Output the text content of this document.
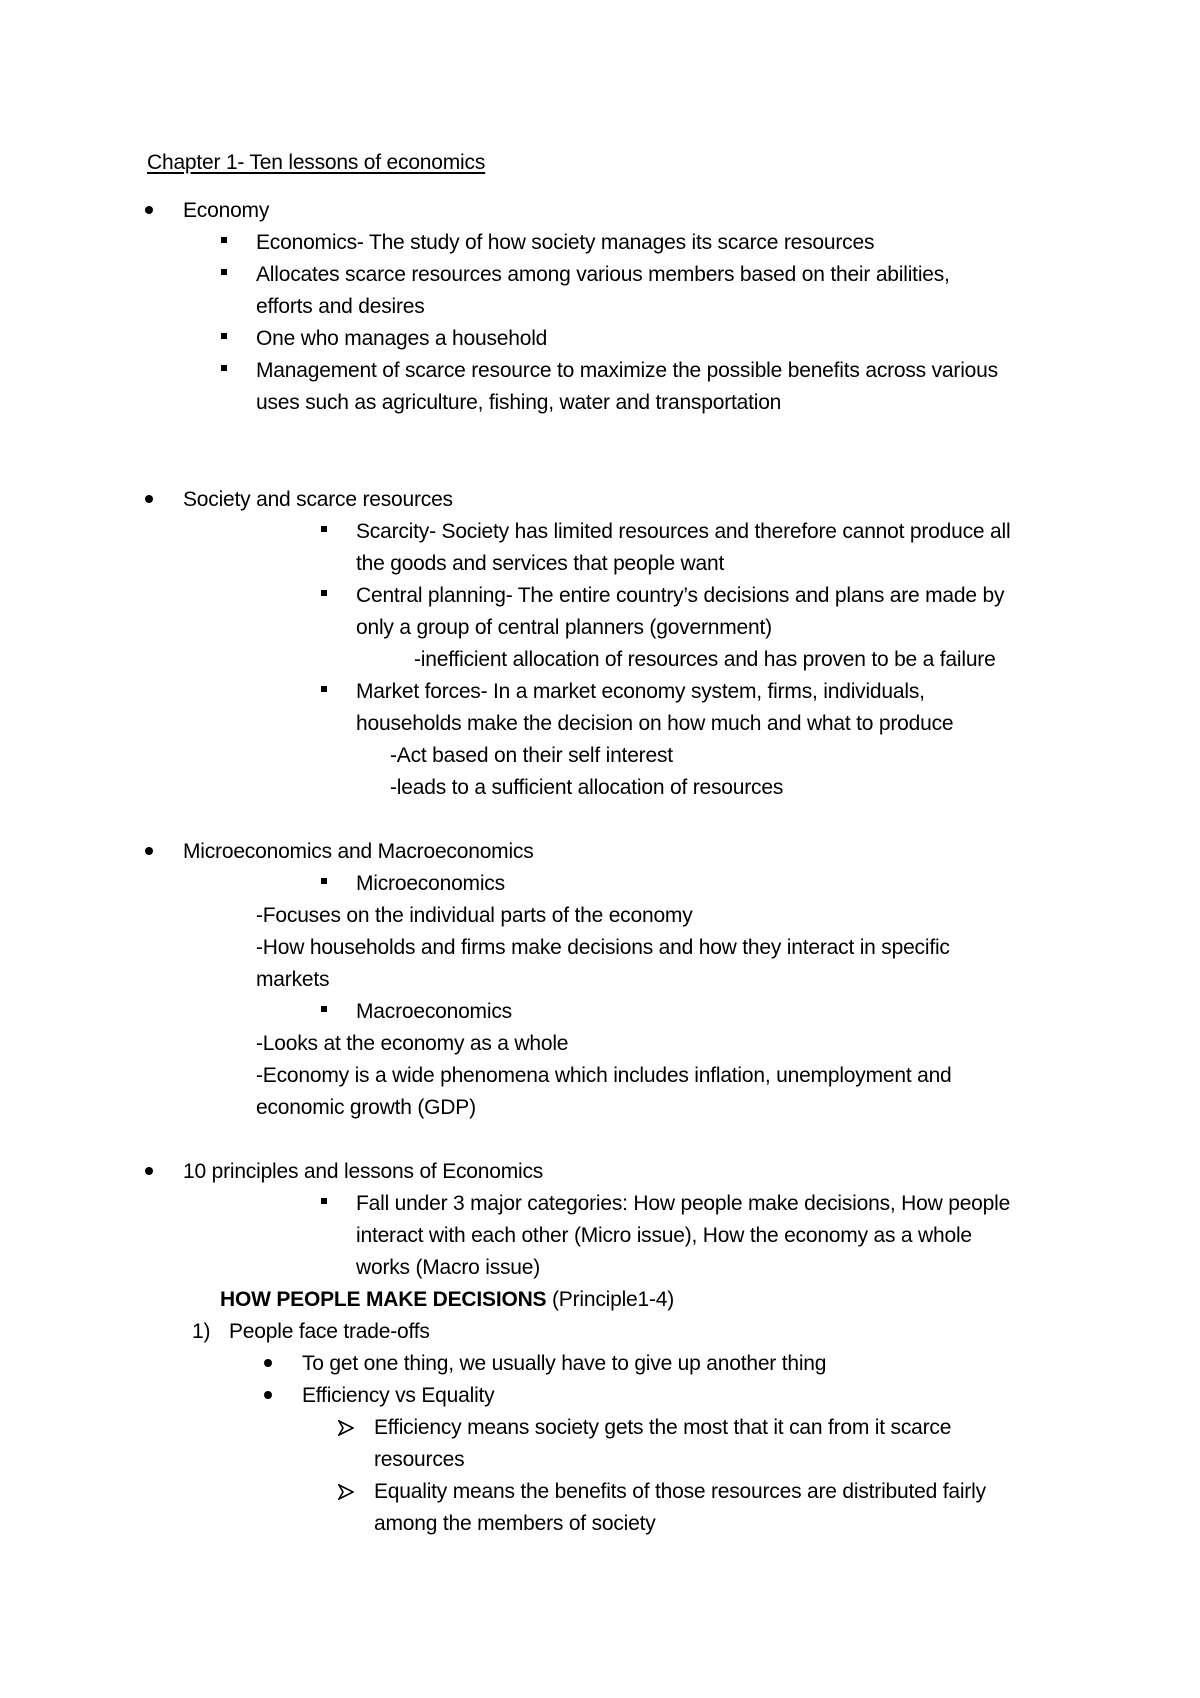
Chapter 1- Ten lessons of economics
Economy
Economics- The study of how society manages its scarce resources
Allocates scarce resources among various members based on their abilities,
efforts and desires
One who manages a household
Management of scarce resource to maximize the possible benefits across various
uses such as agriculture, fishing, water and transportation
Society and scarce resources
Scarcity- Society has limited resources and therefore cannot produce all
the goods and services that people want
Central planning- The entire country’s decisions and plans are made by
only a group of central planners (government)
-inefficient allocation of resources and has proven to be a failure
Market forces- In a market economy system, firms, individuals,
households make the decision on how much and what to produce
-Act based on their self interest
-leads to a sufficient allocation of resources
Microeconomics and Macroeconomics
Microeconomics
-Focuses on the individual parts of the economy
-How households and firms make decisions and how they interact in specific
markets
Macroeconomics
-Looks at the economy as a whole
-Economy is a wide phenomena which includes inflation, unemployment and
economic growth (GDP)
10 principles and lessons of Economics
Fall under 3 major categories: How people make decisions, How people
interact with each other (Micro issue), How the economy as a whole
works (Macro issue)
HOW PEOPLE MAKE DECISIONS (Principle1-4)
1) People face trade-offs
To get one thing, we usually have to give up another thing
Efficiency vs Equality
Efficiency means society gets the most that it can from it scarce
resources
Equality means the benefits of those resources are distributed fairly
among the members of society
